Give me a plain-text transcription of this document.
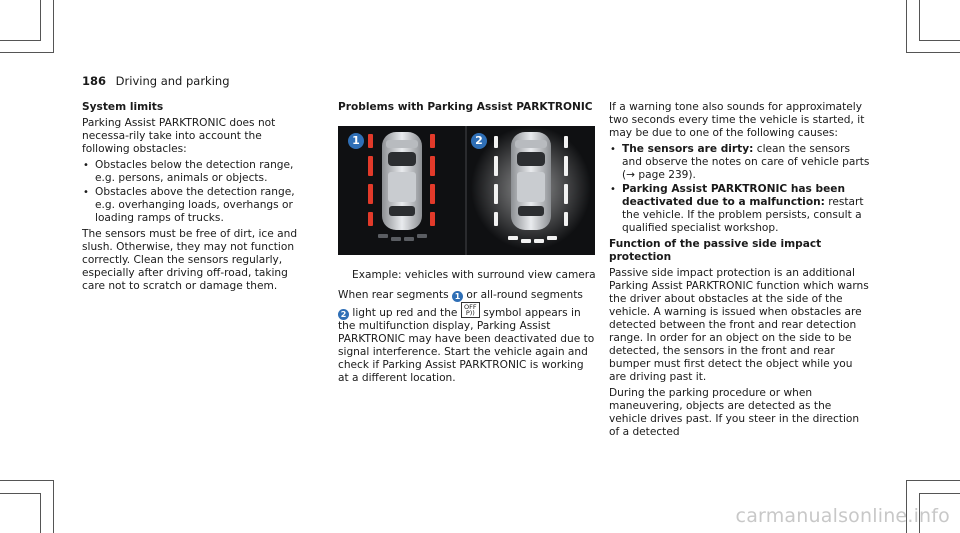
186 Driving and parking

System limits

Parking Assist PARKTRONIC does not necessa-rily take into account the following obstacles:

• Obstacles below the detection range, e.g. persons, animals or objects.
• Obstacles above the detection range, e.g. overhanging loads, overhangs or loading ramps of trucks.

The sensors must be free of dirt, ice and slush. Otherwise, they may not function correctly. Clean the sensors regularly, especially after driving off-road, taking care not to scratch or damage them.

Problems with Parking Assist PARKTRONIC

1	2
Example: vehicles with surround view camera

When rear segments 1 or all-round segments 2 light up red and the OFF
P)) symbol appears in the multifunction display, Parking Assist PARKTRONIC may have been deactivated due to signal interference. Start the vehicle again and check if Parking Assist PARKTRONIC is working at a different location.

If a warning tone also sounds for approximately two seconds every time the vehicle is started, it may be due to one of the following causes:

• The sensors are dirty: clean the sensors and observe the notes on care of vehicle parts (→ page 239).
• Parking Assist PARKTRONIC has been deactivated due to a malfunction: restart the vehicle. If the problem persists, consult a qualified specialist workshop.

Function of the passive side impact protection

Passive side impact protection is an additional Parking Assist PARKTRONIC function which warns the driver about obstacles at the side of the vehicle. A warning is issued when obstacles are detected between the front and rear detection range. In order for an object on the side to be detected, the sensors in the front and rear bumper must first detect the object while you are driving past it.

During the parking procedure or when maneuvering, objects are detected as the vehicle drives past. If you steer in the direction of a detected

carmanualsonline.info
